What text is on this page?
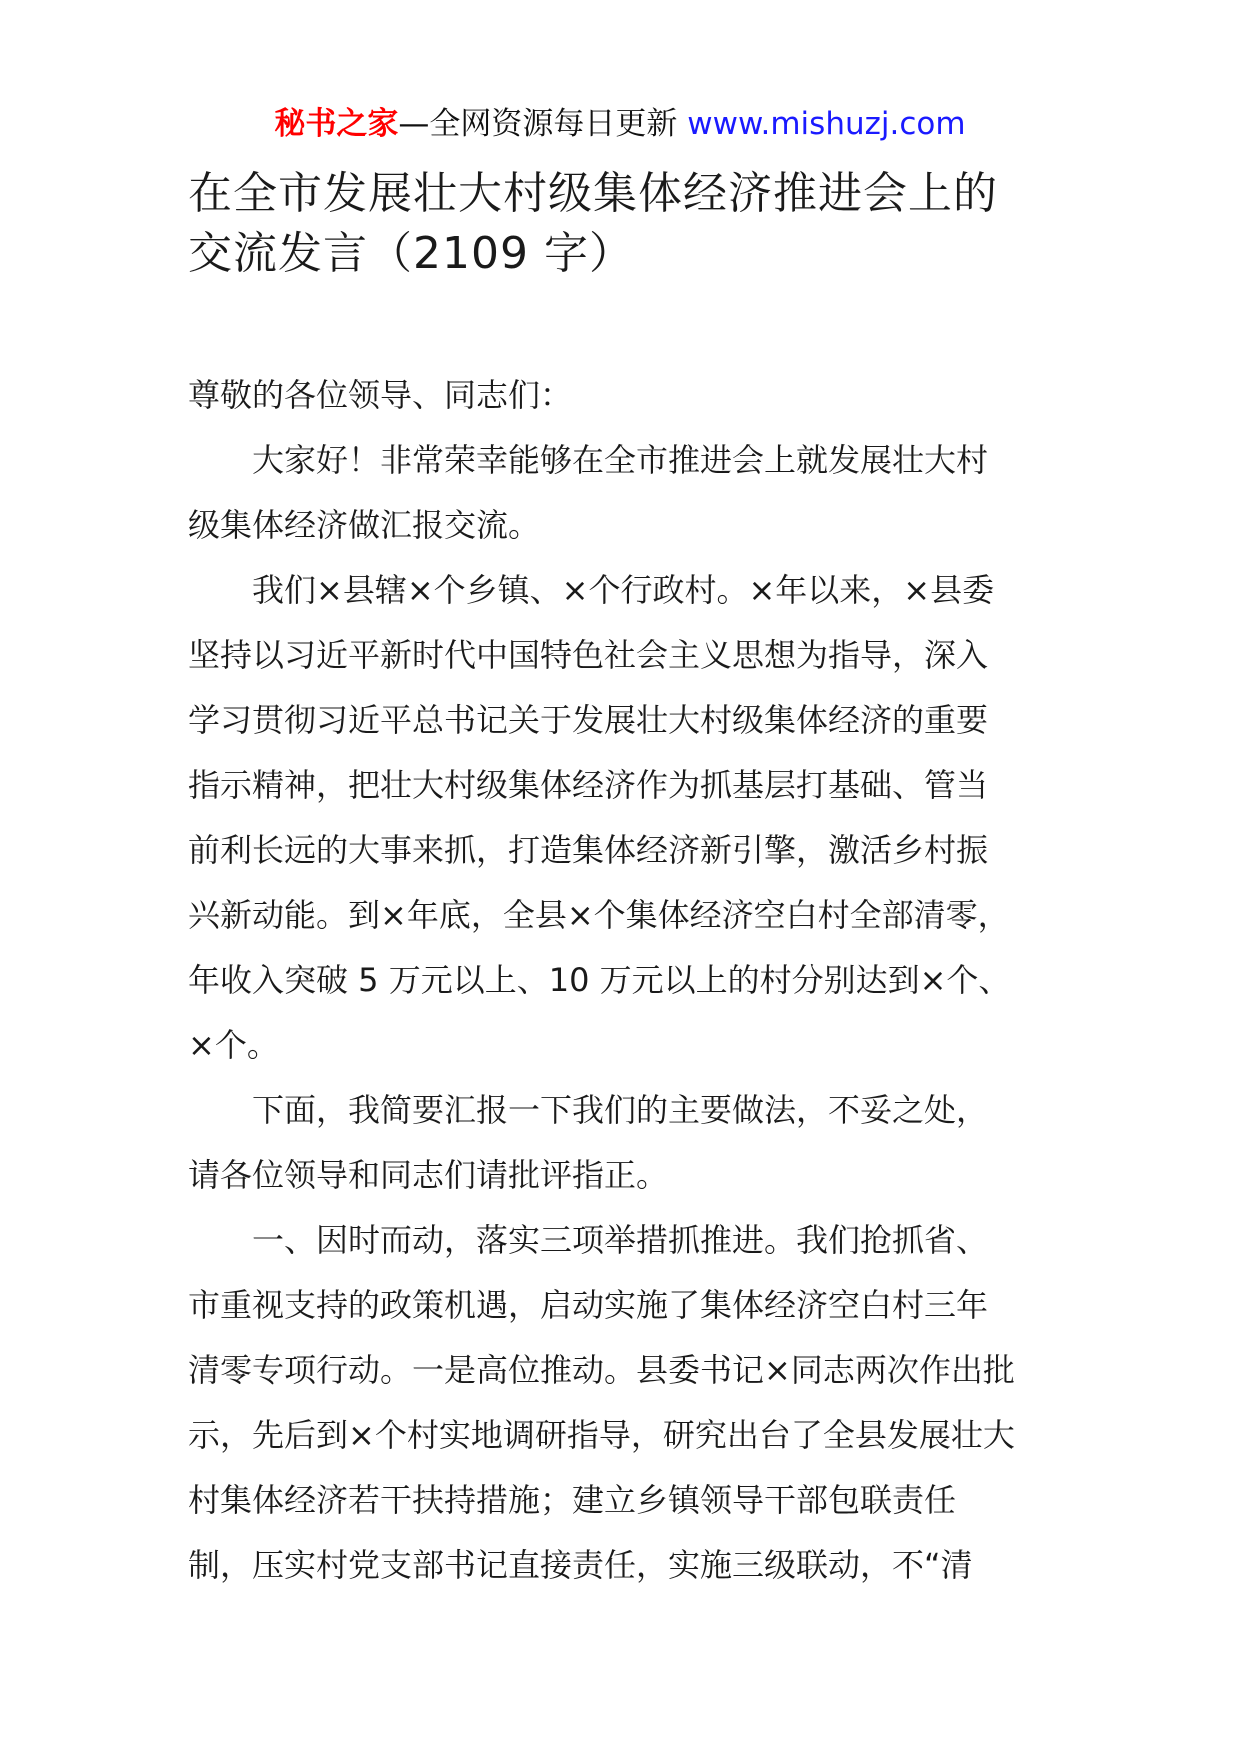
秘书之家—全网资源每日更新 www.mishuzj.com
在全市发展壮大村级集体经济推进会上的
交流发言（2109 字）
尊敬的各位领导、同志们：
　　大家好！非常荣幸能够在全市推进会上就发展壮大村
级集体经济做汇报交流。
　　我们×县辖×个乡镇、×个行政村。×年以来，×县委
坚持以习近平新时代中国特色社会主义思想为指导，深入
学习贯彻习近平总书记关于发展壮大村级集体经济的重要
指示精神，把壮大村级集体经济作为抓基层打基础、管当
前利长远的大事来抓，打造集体经济新引擎，激活乡村振
兴新动能。到×年底，全县×个集体经济空白村全部清零，
年收入突破 5 万元以上、10 万元以上的村分别达到×个、
×个。
　　下面，我简要汇报一下我们的主要做法，不妥之处，
请各位领导和同志们请批评指正。
　　一、因时而动，落实三项举措抓推进。我们抢抓省、
市重视支持的政策机遇，启动实施了集体经济空白村三年
清零专项行动。一是高位推动。县委书记×同志两次作出批
示，先后到×个村实地调研指导，研究出台了全县发展壮大
村集体经济若干扶持措施；建立乡镇领导干部包联责任
制，压实村党支部书记直接责任，实施三级联动，不“清
